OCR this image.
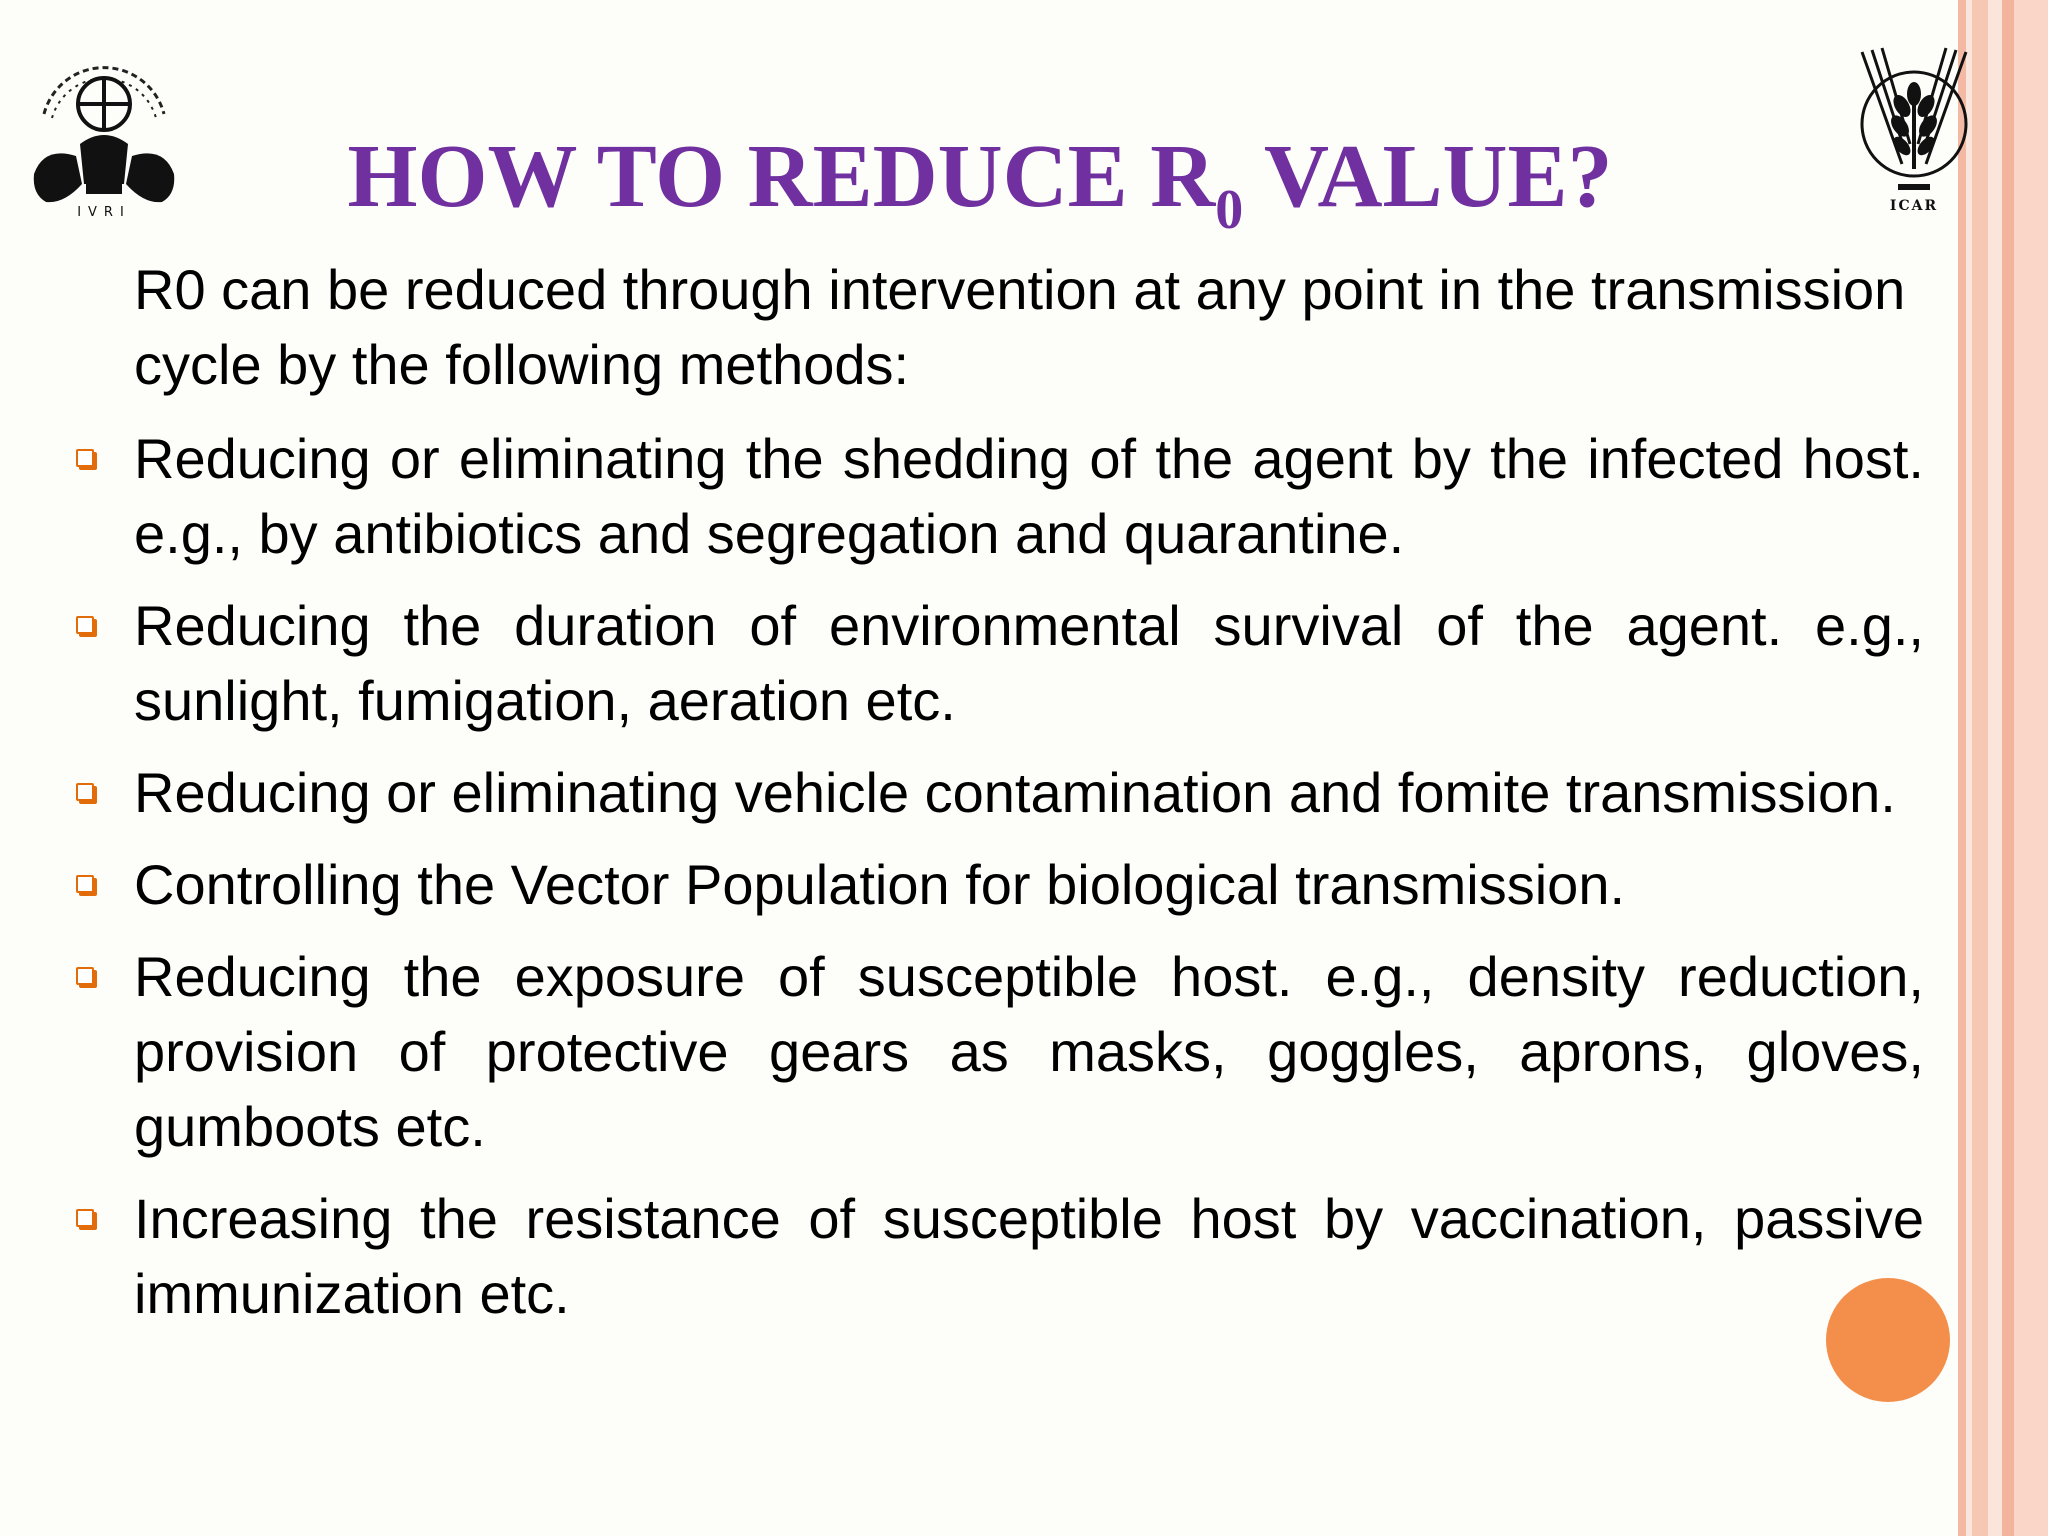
IVRI	ICAR
HOW TO REDUCE $R_0$ VALUE?

R0 can be reduced through intervention at any point in the transmission cycle by the following methods:

Reducing or eliminating the shedding of the agent by the infected host. e.g., by antibiotics and segregation and quarantine.
Reducing the duration of environmental survival of the agent. e.g., sunlight, fumigation, aeration etc.
Reducing or eliminating vehicle contamination and fomite transmission.
Controlling the Vector Population for biological transmission.
Reducing the exposure of susceptible host. e.g., density reduction, provision of protective gears as masks, goggles, aprons, gloves, gumboots etc.
Increasing the resistance of susceptible host by vaccination, passive immunization etc.
